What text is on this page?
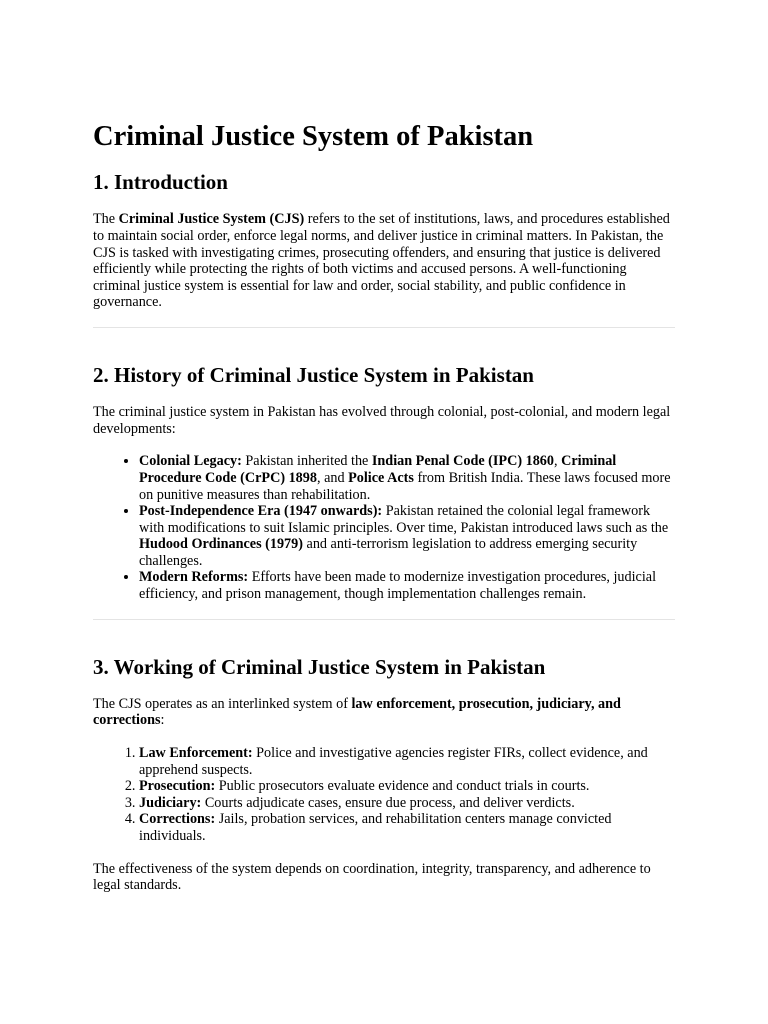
Criminal Justice System of Pakistan
1. Introduction

The Criminal Justice System (CJS) refers to the set of institutions, laws, and procedures established to maintain social order, enforce legal norms, and deliver justice in criminal matters. In Pakistan, the CJS is tasked with investigating crimes, prosecuting offenders, and ensuring that justice is delivered efficiently while protecting the rights of both victims and accused persons. A well-functioning criminal justice system is essential for law and order, social stability, and public confidence in governance.

2. History of Criminal Justice System in Pakistan

The criminal justice system in Pakistan has evolved through colonial, post-colonial, and modern legal developments:

• Colonial Legacy: Pakistan inherited the Indian Penal Code (IPC) 1860, Criminal Procedure Code (CrPC) 1898, and Police Acts from British India. These laws focused more on punitive measures than rehabilitation.
• Post-Independence Era (1947 onwards): Pakistan retained the colonial legal framework with modifications to suit Islamic principles. Over time, Pakistan introduced laws such as the Hudood Ordinances (1979) and anti-terrorism legislation to address emerging security challenges.
• Modern Reforms: Efforts have been made to modernize investigation procedures, judicial efficiency, and prison management, though implementation challenges remain.
3. Working of Criminal Justice System in Pakistan

The CJS operates as an interlinked system of law enforcement, prosecution, judiciary, and corrections:

1. Law Enforcement: Police and investigative agencies register FIRs, collect evidence, and apprehend suspects.
2. Prosecution: Public prosecutors evaluate evidence and conduct trials in courts.
3. Judiciary: Courts adjudicate cases, ensure due process, and deliver verdicts.
4. Corrections: Jails, probation services, and rehabilitation centers manage convicted individuals.

The effectiveness of the system depends on coordination, integrity, transparency, and adherence to legal standards.
